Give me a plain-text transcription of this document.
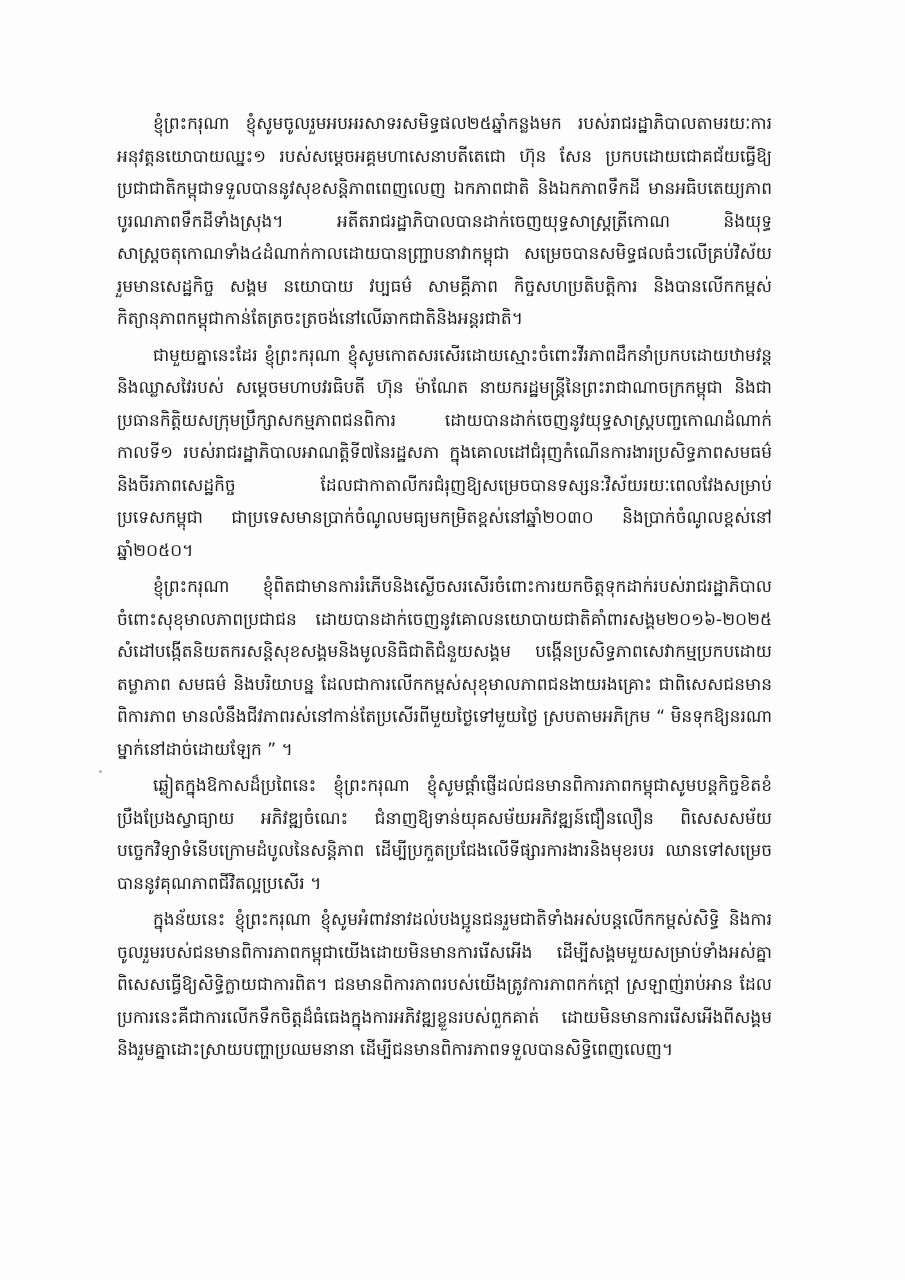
ខ្ញុំព្រះករុណា ខ្ញុំសូមចូលរួមអបអរសាទរសមិទ្ធផល២៥ឆ្នាំកន្លងមក របស់រាជរដ្ឋាភិបាលតាមរយៈការអនុវត្តនយោបាយឈ្នះ១ របស់សម្តេចអគ្គមហាសេនាបតីតេជោ ហ៊ុន សែន ប្រកបដោយជោគជ័យធ្វើឱ្យប្រជាជាតិកម្ពុជាទទួលបាននូវសុខសន្តិភាពពេញលេញ ឯកភាពជាតិ និងឯកភាពទឹកដី មានអធិបតេយ្យភាពបូរណភាពទឹកដីទាំងស្រុង។ អតីតរាជរដ្ឋាភិបាលបានដាក់ចេញយុទ្ធសាស្ត្រត្រីកោណ និងយុទ្ធសាស្ត្រចតុកោណទាំង៤ដំណាក់កាលដោយបានញ្ជ្រាបនាវាកម្ពុជា សម្រេចបានសមិទ្ធផលធំៗលើគ្រប់វិស័យរួមមានសេដ្ឋកិច្ច សង្គម នយោបាយ វប្បធម៌ សាមគ្គីភាព កិច្ចសហប្រតិបត្តិការ និងបានលើកកម្ពស់កិត្យានុភាពកម្ពុជាកាន់តែត្រចះត្រចង់នៅលើឆាកជាតិនិងអន្តរជាតិ។

ជាមួយគ្នានេះដែរ ខ្ញុំព្រះករុណា ខ្ញុំសូមកោតសរសើរដោយស្មោះចំពោះវីរភាពដឹកនាំប្រកបដោយឋាមវន្តនិងឈ្លាសវៃរបស់ សម្តេចមហាបវរធិបតី ហ៊ុន ម៉ាណែត នាយករដ្ឋមន្ត្រីនៃព្រះរាជាណាចក្រកម្ពុជា និងជាប្រធានកិត្តិយសក្រុមប្រឹក្សាសកម្មភាពជនពិការ ដោយបានដាក់ចេញនូវយុទ្ធសាស្ត្របញ្ចកោណដំណាក់កាលទី១ របស់រាជរដ្ឋាភិបាលអាណត្តិទី៧នៃរដ្ឋសភា ក្នុងគោលដៅជំរុញកំណើនការងារប្រសិទ្ធភាពសមធម៌ និងចីរភាពសេដ្ឋកិច្ច ដែលជាកាតាលីករជំរុញឱ្យសម្រេចបានទស្សនៈវិស័យរយៈពេលវែងសម្រាប់ប្រទេសកម្ពុជា ជាប្រទេសមានប្រាក់ចំណូលមធ្យមកម្រិតខ្ពស់នៅឆ្នាំ២០៣០ និងប្រាក់ចំណូលខ្ពស់នៅឆ្នាំ២០៥០។

ខ្ញុំព្រះករុណា ខ្ញុំពិតជាមានការរំភើបនិងស្ងើចសរសើរចំពោះការយកចិត្តទុកដាក់របស់រាជរដ្ឋាភិបាលចំពោះសុខុមាលភាពប្រជាជន ដោយបានដាក់ចេញនូវគោលនយោបាយជាតិគាំពារសង្គម២០១៦-២០២៥ សំដៅបង្កើតនិយតករសន្តិសុខសង្គមនិងមូលនិធិជាតិជំនួយសង្គម បង្កើនប្រសិទ្ធភាពសេវាកម្មប្រកបដោយតម្លាភាព សមធម៌ និងបរិយាបន្ន ដែលជាការលើកកម្ពស់សុខុមាលភាពជនងាយរងគ្រោះ ជាពិសេសជនមានពិការភាព មានលំនឹងជីវភាពរស់នៅកាន់តែប្រសើរពីមួយថ្ងៃទៅមួយថ្ងៃ ស្របតាមអភិក្រម “ មិនទុកឱ្យនរណាម្នាក់នៅដាច់ដោយឡែក ” ។

ឆ្លៀតក្នុងឱកាសដ៏ប្រពៃនេះ ខ្ញុំព្រះករុណា ខ្ញុំសូមផ្តាំផ្ញើដល់ជនមានពិការភាពកម្ពុជាសូមបន្តកិច្ចខិតខំប្រឹងប្រែងស្វាធ្យាយ អភិវឌ្ឍចំណេះ ជំនាញឱ្យទាន់យុគសម័យអភិវឌ្ឍន៍ជឿនលឿន ពិសេសសម័យបច្ចេកវិទ្យាទំនើបក្រោមដំបូលនៃសន្តិភាព ដើម្បីប្រកួតប្រជែងលើទីផ្សារការងារនិងមុខរបរ ឈានទៅសម្រេចបាននូវគុណភាពជីវិតល្អប្រសើរ ។

ក្នុងន័យនេះ ខ្ញុំព្រះករុណា ខ្ញុំសូមអំពាវនាវដល់បងប្អូនជនរួមជាតិទាំងអស់បន្តលើកកម្ពស់សិទ្ធិ និងការចូលរួមរបស់ជនមានពិការភាពកម្ពុជាយើងដោយមិនមានការរើសអើង ដើម្បីសង្គមមួយសម្រាប់ទាំងអស់គ្នា ពិសេសធ្វើឱ្យសិទ្ធិក្លាយជាការពិត។ ជនមានពិការភាពរបស់យើងត្រូវការភាពកក់ក្តៅ ស្រឡាញ់រាប់អាន ដែលប្រការនេះគឺជាការលើកទឹកចិត្តដ៏ធំធេងក្នុងការអភិវឌ្ឍខ្លួនរបស់ពួកគាត់ ដោយមិនមានការរើសអើងពីសង្គម និងរួមគ្នាដោះស្រាយបញ្ហាប្រឈមនានា ដើម្បីជនមានពិការភាពទទួលបានសិទ្ធិពេញលេញ។
